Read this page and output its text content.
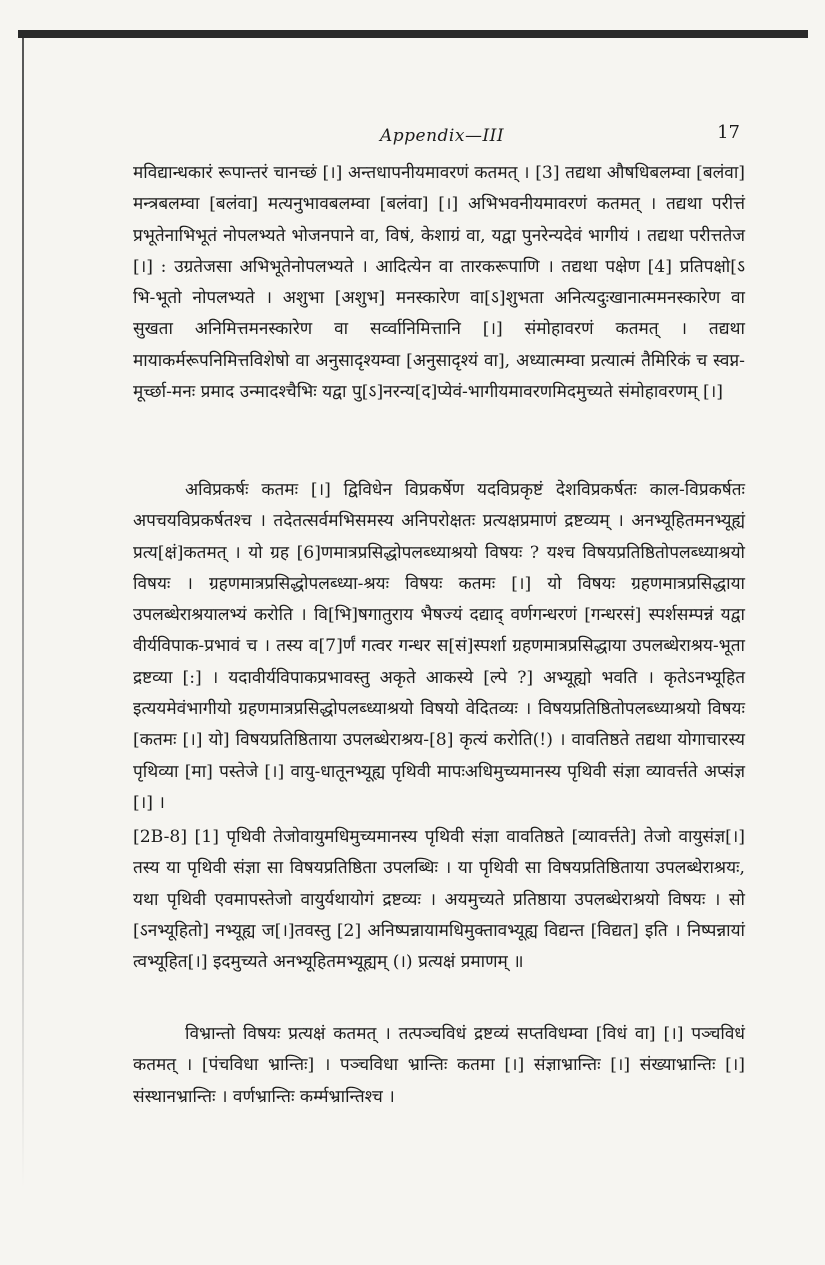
Appendix—III	17

मविद्यान्धकारं रूपान्तरं चानच्छं [।] अन्तधापनीयमावरणं कतमत् । [3] तद्यथा औषधिबलम्वा [बलंवा] मन्त्रबलम्वा [बलंवा] मत्यनुभावबलम्वा [बलंवा] [।] अभिभवनीयमावरणं कतमत् । तद्यथा परीत्तं प्रभूतेनाभिभूतं नोपलभ्यते भोजनपाने वा, विषं, केशाग्रं वा, यद्वा पुनरेन्यदेवं भागीयं । तद्यथा परीत्ततेज [।] : उग्रतेजसा अभिभूतेनोपलभ्यते । आदित्येन वा तारकरूपाणि । तद्यथा पक्षेण [4] प्रतिपक्षो[ऽ भि-भूतो नोपलभ्यते । अशुभा [अशुभ] मनस्कारेण वा[ऽ]शुभता अनित्यदुःखानात्ममनस्कारेण वा सुखता अनिमित्तमनस्कारेण वा सर्व्वानिमित्तानि [।] संमोहावरणं कतमत् । तद्यथा मायाकर्मरूपनिमित्तविशेषो वा अनुसादृश्यम्वा [अनुसादृश्यं वा], अध्यात्मम्वा प्रत्यात्मं तैमिरिकं च स्वप्न-मूर्च्छा-मनः प्रमाद उन्मादश्चैभिः यद्वा पु[ऽ]नरन्य[द]प्येवं-भागीयमावरणमिदमुच्यते संमोहावरणम् [।]

अविप्रकर्षः कतमः [।] द्विविधेन विप्रकर्षेण यदविप्रकृष्टं देशविप्रकर्षतः काल-विप्रकर्षतः अपचयविप्रकर्षतश्च । तदेतत्सर्वमभिसमस्य अनिपरोक्षतः प्रत्यक्षप्रमाणं द्रष्टव्यम् । अनभ्यूहितमनभ्यूह्यं प्रत्य[क्षं]कतमत् । यो ग्रह [6]णमात्रप्रसिद्धोपलब्ध्याश्रयो विषयः ? यश्च विषयप्रतिष्ठितोपलब्ध्याश्रयो विषयः । ग्रहणमात्रप्रसिद्धोपलब्ध्या-श्रयः विषयः कतमः [।] यो विषयः ग्रहणमात्रप्रसिद्धाया उपलब्धेराश्रयालभ्यं करोति । वि[भि]षगातुराय भैषज्यं दद्याद् वर्णगन्धरणं [गन्धरसं] स्पर्शसम्पन्नं यद्वा वीर्यविपाक-प्रभावं च । तस्य व[7]र्णं गत्वर गन्धर स[सं]स्पर्शा ग्रहणमात्रप्रसिद्धाया उपलब्धेराश्रय-भूता द्रष्टव्या [:] । यदावीर्यविपाकप्रभावस्तु अकृते आकस्ये [ल्पे ?] अभ्यूह्यो भवति । कृतेऽनभ्यूहित इत्ययमेवंभागीयो ग्रहणमात्रप्रसिद्धोपलब्ध्याश्रयो विषयो वेदितव्यः । विषयप्रतिष्ठितोपलब्ध्याश्रयो विषयः [कतमः [।] यो] विषयप्रतिष्ठिताया उपलब्धेराश्रय-[8] कृत्यं करोति(!) । वावतिष्ठते तद्यथा योगाचारस्य पृथिव्या [मा] पस्तेजे [।] वायु-धातूनभ्यूह्य पृथिवी मापःअधिमुच्यमानस्य पृथिवी संज्ञा व्यावर्त्तते अप्संज्ञ [।] ।

[2B-8] [1] पृथिवी तेजोवायुमधिमुच्यमानस्य पृथिवी संज्ञा वावतिष्ठते [व्यावर्त्तते] तेजो वायुसंज्ञ[।] तस्य या पृथिवी संज्ञा सा विषयप्रतिष्ठिता उपलब्धिः । या पृथिवी सा विषयप्रतिष्ठिताया उपलब्धेराश्रयः, यथा पृथिवी एवमापस्तेजो वायुर्यथायोगं द्रष्टव्यः । अयमुच्यते प्रतिष्ठाया उपलब्धेराश्रयो विषयः । सो [ऽनभ्यूहितो] नभ्यूह्य ज[।]तवस्तु [2] अनिष्पन्नायामधिमुक्तावभ्यूह्य विद्यन्त [विद्यत] इति । निष्पन्नायां त्वभ्यूहित[।] इदमुच्यते अनभ्यूहितमभ्यूह्यम् (।) प्रत्यक्षं प्रमाणम् ॥

विभ्रान्तो विषयः प्रत्यक्षं कतमत् । तत्पञ्चविधं द्रष्टव्यं सप्तविधम्वा [विधं वा] [।] पञ्चविधं कतमत् । [पंचविधा भ्रान्तिः] । पञ्चविधा भ्रान्तिः कतमा [।] संज्ञाभ्रान्तिः [।] संख्याभ्रान्तिः [।] संस्थानभ्रान्तिः । वर्णभ्रान्तिः कर्म्मभ्रान्तिश्च ।
